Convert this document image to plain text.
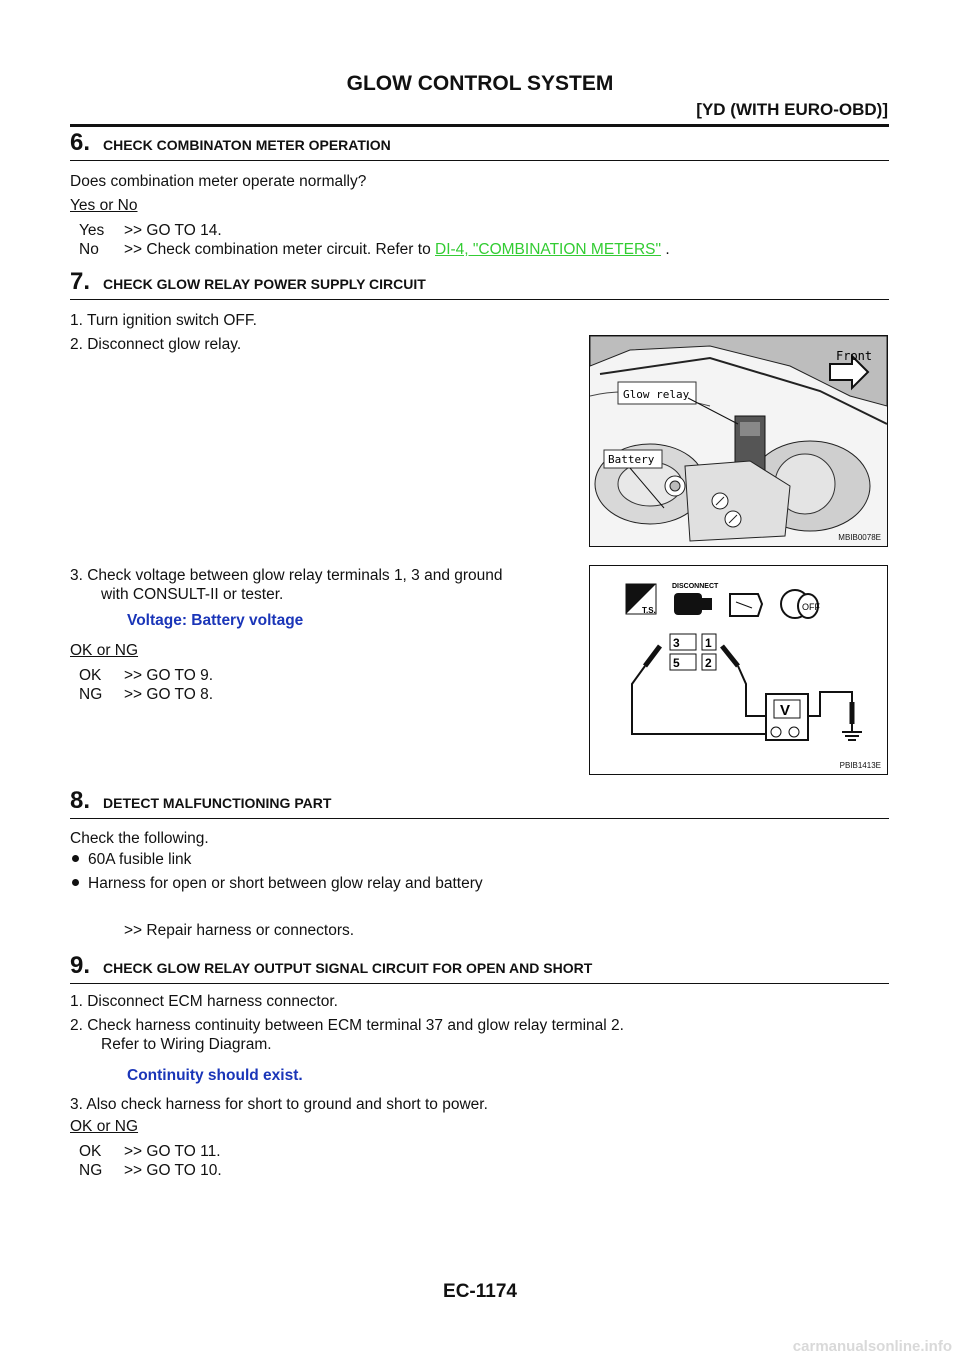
GLOW CONTROL SYSTEM
[YD (WITH EURO-OBD)]
6. CHECK COMBINATON METER OPERATION
Does combination meter operate normally?
Yes or No
Yes >> GO TO 14.
No >> Check combination meter circuit. Refer to DI-4, "COMBINATION METERS" .
7. CHECK GLOW RELAY POWER SUPPLY CIRCUIT
1. Turn ignition switch OFF.
2. Disconnect glow relay.
3. Check voltage between glow relay terminals 1, 3 and ground
with CONSULT-II or tester.
Voltage: Battery voltage
OK or NG
OK >> GO TO 9.
NG >> GO TO 8.
Front
Glow relay
Battery
MBIB0078E
T.S.
DISCONNECT
OFF
3 1
5 2
V
PBIB1413E
8. DETECT MALFUNCTIONING PART
Check the following.
60A fusible link
Harness for open or short between glow relay and battery
>> Repair harness or connectors.
9. CHECK GLOW RELAY OUTPUT SIGNAL CIRCUIT FOR OPEN AND SHORT
1. Disconnect ECM harness connector.
2. Check harness continuity between ECM terminal 37 and glow relay terminal 2.
Refer to Wiring Diagram.
Continuity should exist.
3. Also check harness for short to ground and short to power.
OK or NG
OK >> GO TO 11.
NG >> GO TO 10.
EC-1174
carmanualsonline.info
